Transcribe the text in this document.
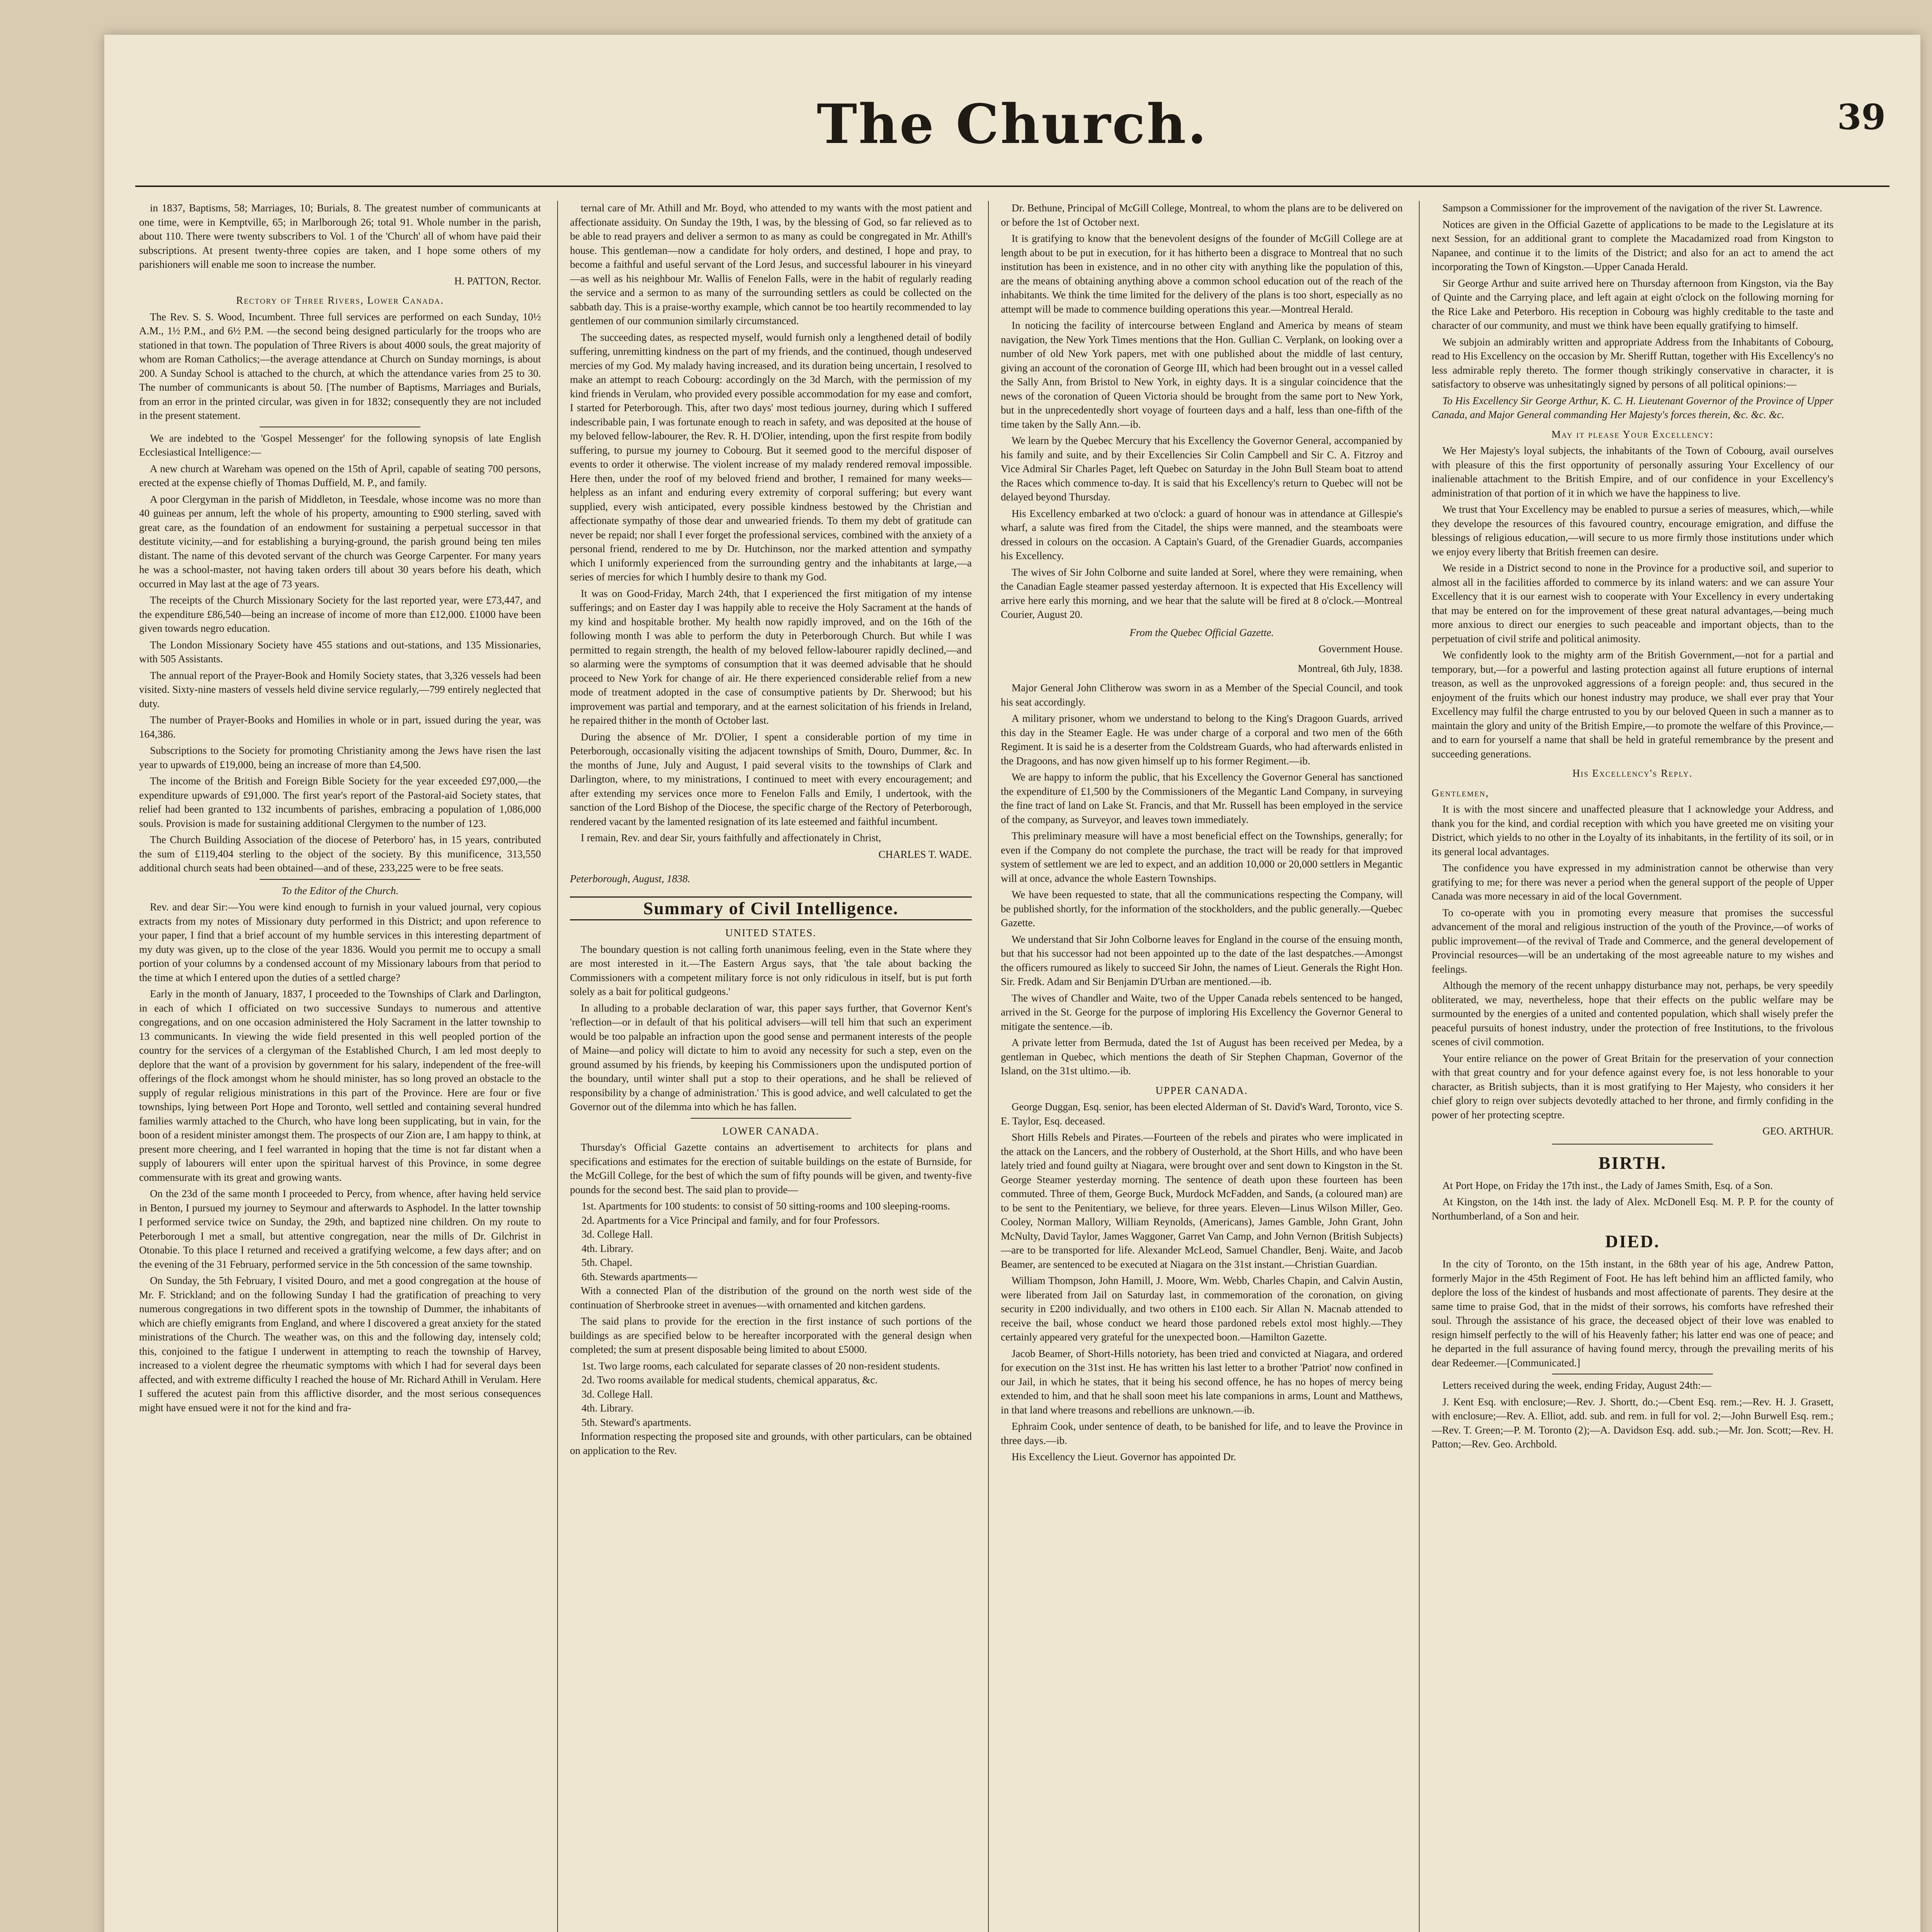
The Church.	39

in 1837, Baptisms, 58; Marriages, 10; Burials, 8. The greatest number of communicants at one time, were in Kemptville, 65; in Marlborough 26; total 91. Whole number in the parish, about 110. There were twenty subscribers to Vol. 1 of the 'Church' all of whom have paid their subscriptions. At present twenty-three copies are taken, and I hope some others of my parishioners will enable me soon to increase the number.

H. PATTON, Rector.

Rectory of Three Rivers, Lower Canada.

The Rev. S. S. Wood, Incumbent. Three full services are performed on each Sunday, 10½ A.M., 1½ P.M., and 6½ P.M. —the second being designed particularly for the troops who are stationed in that town. The population of Three Rivers is about 4000 souls, the great majority of whom are Roman Catholics;—the average attendance at Church on Sunday mornings, is about 200. A Sunday School is attached to the church, at which the attendance varies from 25 to 30. The number of communicants is about 50. [The number of Baptisms, Marriages and Burials, from an error in the printed circular, was given in for 1832; consequently they are not included in the present statement.

We are indebted to the 'Gospel Messenger' for the following synopsis of late English Ecclesiastical Intelligence:—

A new church at Wareham was opened on the 15th of April, capable of seating 700 persons, erected at the expense chiefly of Thomas Duffield, M. P., and family.

A poor Clergyman in the parish of Middleton, in Teesdale, whose income was no more than 40 guineas per annum, left the whole of his property, amounting to £900 sterling, saved with great care, as the foundation of an endowment for sustaining a perpetual successor in that destitute vicinity,—and for establishing a burying-ground, the parish ground being ten miles distant. The name of this devoted servant of the church was George Carpenter. For many years he was a school-master, not having taken orders till about 30 years before his death, which occurred in May last at the age of 73 years.

The receipts of the Church Missionary Society for the last reported year, were £73,447, and the expenditure £86,540—being an increase of income of more than £12,000. £1000 have been given towards negro education.

The London Missionary Society have 455 stations and out-stations, and 135 Missionaries, with 505 Assistants.

The annual report of the Prayer-Book and Homily Society states, that 3,326 vessels had been visited. Sixty-nine masters of vessels held divine service regularly,—799 entirely neglected that duty.

The number of Prayer-Books and Homilies in whole or in part, issued during the year, was 164,386.

Subscriptions to the Society for promoting Christianity among the Jews have risen the last year to upwards of £19,000, being an increase of more than £4,500.

The income of the British and Foreign Bible Society for the year exceeded £97,000,—the expenditure upwards of £91,000. The first year's report of the Pastoral-aid Society states, that relief had been granted to 132 incumbents of parishes, embracing a population of 1,086,000 souls. Provision is made for sustaining additional Clergymen to the number of 123.

The Church Building Association of the diocese of Peterboro' has, in 15 years, contributed the sum of £119,404 sterling to the object of the society. By this munificence, 313,550 additional church seats had been obtained—and of these, 233,225 were to be free seats.

To the Editor of the Church.

Rev. and dear Sir:—You were kind enough to furnish in your valued journal, very copious extracts from my notes of Missionary duty performed in this District; and upon reference to your paper, I find that a brief account of my humble services in this interesting department of my duty was given, up to the close of the year 1836. Would you permit me to occupy a small portion of your columns by a condensed account of my Missionary labours from that period to the time at which I entered upon the duties of a settled charge?

Early in the month of January, 1837, I proceeded to the Townships of Clark and Darlington, in each of which I officiated on two successive Sundays to numerous and attentive congregations, and on one occasion administered the Holy Sacrament in the latter township to 13 communicants. In viewing the wide field presented in this well peopled portion of the country for the services of a clergyman of the Established Church, I am led most deeply to deplore that the want of a provision by government for his salary, independent of the free-will offerings of the flock amongst whom he should minister, has so long proved an obstacle to the supply of regular religious ministrations in this part of the Province. Here are four or five townships, lying between Port Hope and Toronto, well settled and containing several hundred families warmly attached to the Church, who have long been supplicating, but in vain, for the boon of a resident minister amongst them. The prospects of our Zion are, I am happy to think, at present more cheering, and I feel warranted in hoping that the time is not far distant when a supply of labourers will enter upon the spiritual harvest of this Province, in some degree commensurate with its great and growing wants.

On the 23d of the same month I proceeded to Percy, from whence, after having held service in Benton, I pursued my journey to Seymour and afterwards to Asphodel. In the latter township I performed service twice on Sunday, the 29th, and baptized nine children. On my route to Peterborough I met a small, but attentive congregation, near the mills of Dr. Gilchrist in Otonabie. To this place I returned and received a gratifying welcome, a few days after; and on the evening of the 31 February, performed service in the 5th concession of the same township.

On Sunday, the 5th February, I visited Douro, and met a good congregation at the house of Mr. F. Strickland; and on the following Sunday I had the gratification of preaching to very numerous congregations in two different spots in the township of Dummer, the inhabitants of which are chiefly emigrants from England, and where I discovered a great anxiety for the stated ministrations of the Church. The weather was, on this and the following day, intensely cold; this, conjoined to the fatigue I underwent in attempting to reach the township of Harvey, increased to a violent degree the rheumatic symptoms with which I had for several days been affected, and with extreme difficulty I reached the house of Mr. Richard Athill in Verulam. Here I suffered the acutest pain from this afflictive disorder, and the most serious consequences might have ensued were it not for the kind and fra-

ternal care of Mr. Athill and Mr. Boyd, who attended to my wants with the most patient and affectionate assiduity. On Sunday the 19th, I was, by the blessing of God, so far relieved as to be able to read prayers and deliver a sermon to as many as could be congregated in Mr. Athill's house. This gentleman—now a candidate for holy orders, and destined, I hope and pray, to become a faithful and useful servant of the Lord Jesus, and successful labourer in his vineyard—as well as his neighbour Mr. Wallis of Fenelon Falls, were in the habit of regularly reading the service and a sermon to as many of the surrounding settlers as could be collected on the sabbath day. This is a praise-worthy example, which cannot be too heartily recommended to lay gentlemen of our communion similarly circumstanced.

The succeeding dates, as respected myself, would furnish only a lengthened detail of bodily suffering, unremitting kindness on the part of my friends, and the continued, though undeserved mercies of my God. My malady having increased, and its duration being uncertain, I resolved to make an attempt to reach Cobourg: accordingly on the 3d March, with the permission of my kind friends in Verulam, who provided every possible accommodation for my ease and comfort, I started for Peterborough. This, after two days' most tedious journey, during which I suffered indescribable pain, I was fortunate enough to reach in safety, and was deposited at the house of my beloved fellow-labourer, the Rev. R. H. D'Olier, intending, upon the first respite from bodily suffering, to pursue my journey to Cobourg. But it seemed good to the merciful disposer of events to order it otherwise. The violent increase of my malady rendered removal impossible. Here then, under the roof of my beloved friend and brother, I remained for many weeks—helpless as an infant and enduring every extremity of corporal suffering; but every want supplied, every wish anticipated, every possible kindness bestowed by the Christian and affectionate sympathy of those dear and unwearied friends. To them my debt of gratitude can never be repaid; nor shall I ever forget the professional services, combined with the anxiety of a personal friend, rendered to me by Dr. Hutchinson, nor the marked attention and sympathy which I uniformly experienced from the surrounding gentry and the inhabitants at large,—a series of mercies for which I humbly desire to thank my God.

It was on Good-Friday, March 24th, that I experienced the first mitigation of my intense sufferings; and on Easter day I was happily able to receive the Holy Sacrament at the hands of my kind and hospitable brother. My health now rapidly improved, and on the 16th of the following month I was able to perform the duty in Peterborough Church. But while I was permitted to regain strength, the health of my beloved fellow-labourer rapidly declined,—and so alarming were the symptoms of consumption that it was deemed advisable that he should proceed to New York for change of air. He there experienced considerable relief from a new mode of treatment adopted in the case of consumptive patients by Dr. Sherwood; but his improvement was partial and temporary, and at the earnest solicitation of his friends in Ireland, he repaired thither in the month of October last.

During the absence of Mr. D'Olier, I spent a considerable portion of my time in Peterborough, occasionally visiting the adjacent townships of Smith, Douro, Dummer, &c. In the months of June, July and August, I paid several visits to the townships of Clark and Darlington, where, to my ministrations, I continued to meet with every encouragement; and after extending my services once more to Fenelon Falls and Emily, I undertook, with the sanction of the Lord Bishop of the Diocese, the specific charge of the Rectory of Peterborough, rendered vacant by the lamented resignation of its late esteemed and faithful incumbent.

I remain, Rev. and dear Sir, yours faithfully and affectionately in Christ,

CHARLES T. WADE.

Peterborough, August, 1838.

Summary of Civil Intelligence.

UNITED STATES.

The boundary question is not calling forth unanimous feeling, even in the State where they are most interested in it.—The Eastern Argus says, that 'the tale about backing the Commissioners with a competent military force is not only ridiculous in itself, but is put forth solely as a bait for political gudgeons.'

In alluding to a probable declaration of war, this paper says further, that Governor Kent's 'reflection—or in default of that his political advisers—will tell him that such an experiment would be too palpable an infraction upon the good sense and permanent interests of the people of Maine—and policy will dictate to him to avoid any necessity for such a step, even on the ground assumed by his friends, by keeping his Commissioners upon the undisputed portion of the boundary, until winter shall put a stop to their operations, and he shall be relieved of responsibility by a change of administration.' This is good advice, and well calculated to get the Governor out of the dilemma into which he has fallen.

LOWER CANADA.

Thursday's Official Gazette contains an advertisement to architects for plans and specifications and estimates for the erection of suitable buildings on the estate of Burnside, for the McGill College, for the best of which the sum of fifty pounds will be given, and twenty-five pounds for the second best. The said plan to provide—

1st. Apartments for 100 students: to consist of 50 sitting-rooms and 100 sleeping-rooms.

2d. Apartments for a Vice Principal and family, and for four Professors.

3d. College Hall.

4th. Library.

5th. Chapel.

6th. Stewards apartments—

With a connected Plan of the distribution of the ground on the north west side of the continuation of Sherbrooke street in avenues—with ornamented and kitchen gardens.

The said plans to provide for the erection in the first instance of such portions of the buildings as are specified below to be hereafter incorporated with the general design when completed; the sum at present disposable being limited to about £5000.

1st. Two large rooms, each calculated for separate classes of 20 non-resident students.

2d. Two rooms available for medical students, chemical apparatus, &c.

3d. College Hall.

4th. Library.

5th. Steward's apartments.

Information respecting the proposed site and grounds, with other particulars, can be obtained on application to the Rev.

Dr. Bethune, Principal of McGill College, Montreal, to whom the plans are to be delivered on or before the 1st of October next.

It is gratifying to know that the benevolent designs of the founder of McGill College are at length about to be put in execution, for it has hitherto been a disgrace to Montreal that no such institution has been in existence, and in no other city with anything like the population of this, are the means of obtaining anything above a common school education out of the reach of the inhabitants. We think the time limited for the delivery of the plans is too short, especially as no attempt will be made to commence building operations this year.—Montreal Herald.

In noticing the facility of intercourse between England and America by means of steam navigation, the New York Times mentions that the Hon. Gullian C. Verplank, on looking over a number of old New York papers, met with one published about the middle of last century, giving an account of the coronation of George III, which had been brought out in a vessel called the Sally Ann, from Bristol to New York, in eighty days. It is a singular coincidence that the news of the coronation of Queen Victoria should be brought from the same port to New York, but in the unprecedentedly short voyage of fourteen days and a half, less than one-fifth of the time taken by the Sally Ann.—ib.

We learn by the Quebec Mercury that his Excellency the Governor General, accompanied by his family and suite, and by their Excellencies Sir Colin Campbell and Sir C. A. Fitzroy and Vice Admiral Sir Charles Paget, left Quebec on Saturday in the John Bull Steam boat to attend the Races which commence to-day. It is said that his Excellency's return to Quebec will not be delayed beyond Thursday.

His Excellency embarked at two o'clock: a guard of honour was in attendance at Gillespie's wharf, a salute was fired from the Citadel, the ships were manned, and the steamboats were dressed in colours on the occasion. A Captain's Guard, of the Grenadier Guards, accompanies his Excellency.

The wives of Sir John Colborne and suite landed at Sorel, where they were remaining, when the Canadian Eagle steamer passed yesterday afternoon. It is expected that His Excellency will arrive here early this morning, and we hear that the salute will be fired at 8 o'clock.—Montreal Courier, August 20.

From the Quebec Official Gazette.

Government House.

Montreal, 6th July, 1838.

Major General John Clitherow was sworn in as a Member of the Special Council, and took his seat accordingly.

A military prisoner, whom we understand to belong to the King's Dragoon Guards, arrived this day in the Steamer Eagle. He was under charge of a corporal and two men of the 66th Regiment. It is said he is a deserter from the Coldstream Guards, who had afterwards enlisted in the Dragoons, and has now given himself up to his former Regiment.—ib.

We are happy to inform the public, that his Excellency the Governor General has sanctioned the expenditure of £1,500 by the Commissioners of the Megantic Land Company, in surveying the fine tract of land on Lake St. Francis, and that Mr. Russell has been employed in the service of the company, as Surveyor, and leaves town immediately.

This preliminary measure will have a most beneficial effect on the Townships, generally; for even if the Company do not complete the purchase, the tract will be ready for that improved system of settlement we are led to expect, and an addition 10,000 or 20,000 settlers in Megantic will at once, advance the whole Eastern Townships.

We have been requested to state, that all the communications respecting the Company, will be published shortly, for the information of the stockholders, and the public generally.—Quebec Gazette.

We understand that Sir John Colborne leaves for England in the course of the ensuing month, but that his successor had not been appointed up to the date of the last despatches.—Amongst the officers rumoured as likely to succeed Sir John, the names of Lieut. Generals the Right Hon. Sir. Fredk. Adam and Sir Benjamin D'Urban are mentioned.—ib.

The wives of Chandler and Waite, two of the Upper Canada rebels sentenced to be hanged, arrived in the St. George for the purpose of imploring His Excellency the Governor General to mitigate the sentence.—ib.

A private letter from Bermuda, dated the 1st of August has been received per Medea, by a gentleman in Quebec, which mentions the death of Sir Stephen Chapman, Governor of the Island, on the 31st ultimo.—ib.

UPPER CANADA.

George Duggan, Esq. senior, has been elected Alderman of St. David's Ward, Toronto, vice S. E. Taylor, Esq. deceased.

Short Hills Rebels and Pirates.—Fourteen of the rebels and pirates who were implicated in the attack on the Lancers, and the robbery of Ousterhold, at the Short Hills, and who have been lately tried and found guilty at Niagara, were brought over and sent down to Kingston in the St. George Steamer yesterday morning. The sentence of death upon these fourteen has been commuted. Three of them, George Buck, Murdock McFadden, and Sands, (a coloured man) are to be sent to the Penitentiary, we believe, for three years. Eleven—Linus Wilson Miller, Geo. Cooley, Norman Mallory, William Reynolds, (Americans), James Gamble, John Grant, John McNulty, David Taylor, James Waggoner, Garret Van Camp, and John Vernon (British Subjects)—are to be transported for life. Alexander McLeod, Samuel Chandler, Benj. Waite, and Jacob Beamer, are sentenced to be executed at Niagara on the 31st instant.—Christian Guardian.

William Thompson, John Hamill, J. Moore, Wm. Webb, Charles Chapin, and Calvin Austin, were liberated from Jail on Saturday last, in commemoration of the coronation, on giving security in £200 individually, and two others in £100 each. Sir Allan N. Macnab attended to receive the bail, whose conduct we heard those pardoned rebels extol most highly.—They certainly appeared very grateful for the unexpected boon.—Hamilton Gazette.

Jacob Beamer, of Short-Hills notoriety, has been tried and convicted at Niagara, and ordered for execution on the 31st inst. He has written his last letter to a brother 'Patriot' now confined in our Jail, in which he states, that it being his second offence, he has no hopes of mercy being extended to him, and that he shall soon meet his late companions in arms, Lount and Matthews, in that land where treasons and rebellions are unknown.—ib.

Ephraim Cook, under sentence of death, to be banished for life, and to leave the Province in three days.—ib.

His Excellency the Lieut. Governor has appointed Dr.

Sampson a Commissioner for the improvement of the navigation of the river St. Lawrence.

Notices are given in the Official Gazette of applications to be made to the Legislature at its next Session, for an additional grant to complete the Macadamized road from Kingston to Napanee, and continue it to the limits of the District; and also for an act to amend the act incorporating the Town of Kingston.—Upper Canada Herald.

Sir George Arthur and suite arrived here on Thursday afternoon from Kingston, via the Bay of Quinte and the Carrying place, and left again at eight o'clock on the following morning for the Rice Lake and Peterboro. His reception in Cobourg was highly creditable to the taste and character of our community, and must we think have been equally gratifying to himself.

We subjoin an admirably written and appropriate Address from the Inhabitants of Cobourg, read to His Excellency on the occasion by Mr. Sheriff Ruttan, together with His Excellency's no less admirable reply thereto. The former though strikingly conservative in character, it is satisfactory to observe was unhesitatingly signed by persons of all political opinions:—

To His Excellency Sir George Arthur, K. C. H. Lieutenant Governor of the Province of Upper Canada, and Major General commanding Her Majesty's forces therein, &c. &c. &c.

May it please Your Excellency:

We Her Majesty's loyal subjects, the inhabitants of the Town of Cobourg, avail ourselves with pleasure of this the first opportunity of personally assuring Your Excellency of our inalienable attachment to the British Empire, and of our confidence in your Excellency's administration of that portion of it in which we have the happiness to live.

We trust that Your Excellency may be enabled to pursue a series of measures, which,—while they develope the resources of this favoured country, encourage emigration, and diffuse the blessings of religious education,—will secure to us more firmly those institutions under which we enjoy every liberty that British freemen can desire.

We reside in a District second to none in the Province for a productive soil, and superior to almost all in the facilities afforded to commerce by its inland waters: and we can assure Your Excellency that it is our earnest wish to cooperate with Your Excellency in every undertaking that may be entered on for the improvement of these great natural advantages,—being much more anxious to direct our energies to such peaceable and important objects, than to the perpetuation of civil strife and political animosity.

We confidently look to the mighty arm of the British Government,—not for a partial and temporary, but,—for a powerful and lasting protection against all future eruptions of internal treason, as well as the unprovoked aggressions of a foreign people: and, thus secured in the enjoyment of the fruits which our honest industry may produce, we shall ever pray that Your Excellency may fulfil the charge entrusted to you by our beloved Queen in such a manner as to maintain the glory and unity of the British Empire,—to promote the welfare of this Province,—and to earn for yourself a name that shall be held in grateful remembrance by the present and succeeding generations.

His Excellency's Reply.

Gentlemen,

It is with the most sincere and unaffected pleasure that I acknowledge your Address, and thank you for the kind, and cordial reception with which you have greeted me on visiting your District, which yields to no other in the Loyalty of its inhabitants, in the fertility of its soil, or in its general local advantages.

The confidence you have expressed in my administration cannot be otherwise than very gratifying to me; for there was never a period when the general support of the people of Upper Canada was more necessary in aid of the local Government.

To co-operate with you in promoting every measure that promises the successful advancement of the moral and religious instruction of the youth of the Province,—of works of public improvement—of the revival of Trade and Commerce, and the general developement of Provincial resources—will be an undertaking of the most agreeable nature to my wishes and feelings.

Although the memory of the recent unhappy disturbance may not, perhaps, be very speedily obliterated, we may, nevertheless, hope that their effects on the public welfare may be surmounted by the energies of a united and contented population, which shall wisely prefer the peaceful pursuits of honest industry, under the protection of free Institutions, to the frivolous scenes of civil commotion.

Your entire reliance on the power of Great Britain for the preservation of your connection with that great country and for your defence against every foe, is not less honorable to your character, as British subjects, than it is most gratifying to Her Majesty, who considers it her chief glory to reign over subjects devotedly attached to her throne, and firmly confiding in the power of her protecting sceptre.

GEO. ARTHUR.

BIRTH.

At Port Hope, on Friday the 17th inst., the Lady of James Smith, Esq. of a Son.

At Kingston, on the 14th inst. the lady of Alex. McDonell Esq. M. P. P. for the county of Northumberland, of a Son and heir.

DIED.

In the city of Toronto, on the 15th instant, in the 68th year of his age, Andrew Patton, formerly Major in the 45th Regiment of Foot. He has left behind him an afflicted family, who deplore the loss of the kindest of husbands and most affectionate of parents. They desire at the same time to praise God, that in the midst of their sorrows, his comforts have refreshed their soul. Through the assistance of his grace, the deceased object of their love was enabled to resign himself perfectly to the will of his Heavenly father; his latter end was one of peace; and he departed in the full assurance of having found mercy, through the prevailing merits of his dear Redeemer.—[Communicated.]

Letters received during the week, ending Friday, August 24th:—

J. Kent Esq. with enclosure;—Rev. J. Shortt, do.;—Cbent Esq. rem.;—Rev. H. J. Grasett, with enclosure;—Rev. A. Elliot, add. sub. and rem. in full for vol. 2;—John Burwell Esq. rem.;—Rev. T. Green;—P. M. Toronto (2);—A. Davidson Esq. add. sub.;—Mr. Jon. Scott;—Rev. H. Patton;—Rev. Geo. Archbold.
